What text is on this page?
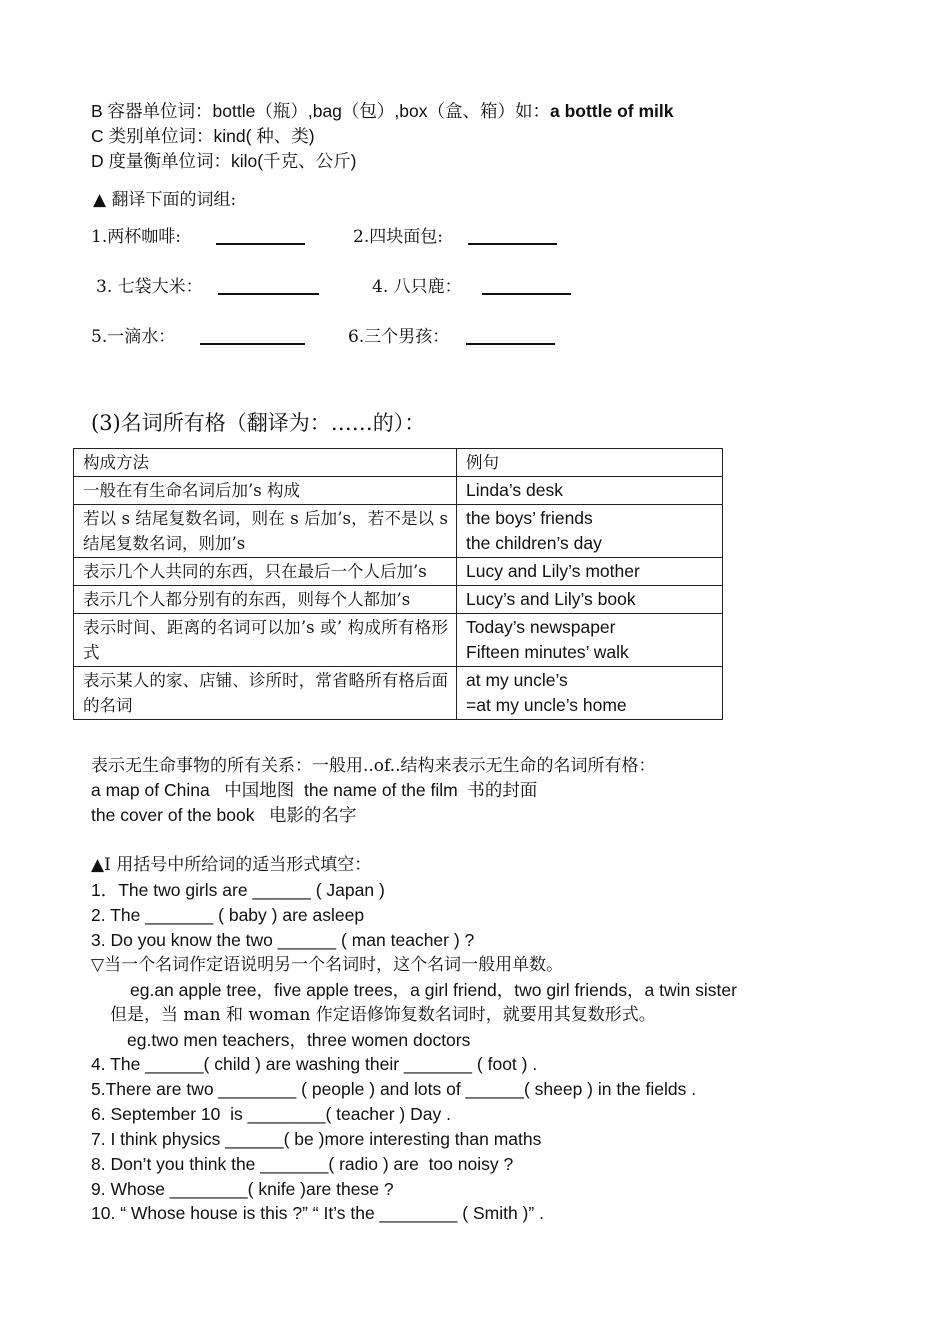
B 容器单位词：bottle（瓶）,bag（包）,box（盒、箱）如：a bottle of milk
C 类别单位词：kind( 种、类)
D 度量衡单位词：kilo(千克、公斤)
▲ 翻译下面的词组:
1.两杯咖啡:	2.四块面包:
3. 七袋大米：	4. 八只鹿：
5.一滴水：	6.三个男孩：
(3)名词所有格（翻译为：……的）：
构成方法	例句
一般在有生命名词后加’s 构成	Linda’s desk

若以 s 结尾复数名词，则在 s 后加’s，若不是以 s 结尾复数名词，则加’s	the boys’ friends
the children’s day

表示几个人共同的东西，只在最后一个人后加’s	Lucy and Lily’s mother

表示几个人都分别有的东西，则每个人都加’s	Lucy’s and Lily’s book

表示时间、距离的名词可以加’s 或’ 构成所有格形式	Today’s newspaper
Fifteen minutes’ walk

表示某人的家、店铺、诊所时，常省略所有格后面的名词	at my uncle’s
=at my uncle’s home
表示无生命事物的所有关系：一般用..of..结构来表示无生命的名词所有格：
a map of China   中国地图  the name of the film  书的封面
the cover of the book   电影的名字
▲Ⅰ 用括号中所给词的适当形式填空：
1．The two girls are ______ ( Japan )
2. The _______ ( baby ) are asleep
3. Do you know the two ______ ( man teacher ) ?
▽当一个名词作定语说明另一个名词时，这个名词一般用单数。
eg.an apple tree，five apple trees，a girl friend，two girl friends，a twin sister
但是，当 man 和 woman 作定语修饰复数名词时，就要用其复数形式。
eg.two men teachers，three women doctors
4. The ______( child ) are washing their _______ ( foot ) .
5.There are two ________ ( people ) and lots of ______( sheep ) in the fields .
6. September 10  is ________( teacher ) Day .
7. I think physics ______( be )more interesting than maths
8. Don’t you think the _______( radio ) are  too noisy ?
9. Whose ________( knife )are these ?
10. “ Whose house is this ?” “ It’s the ________ ( Smith )” .
